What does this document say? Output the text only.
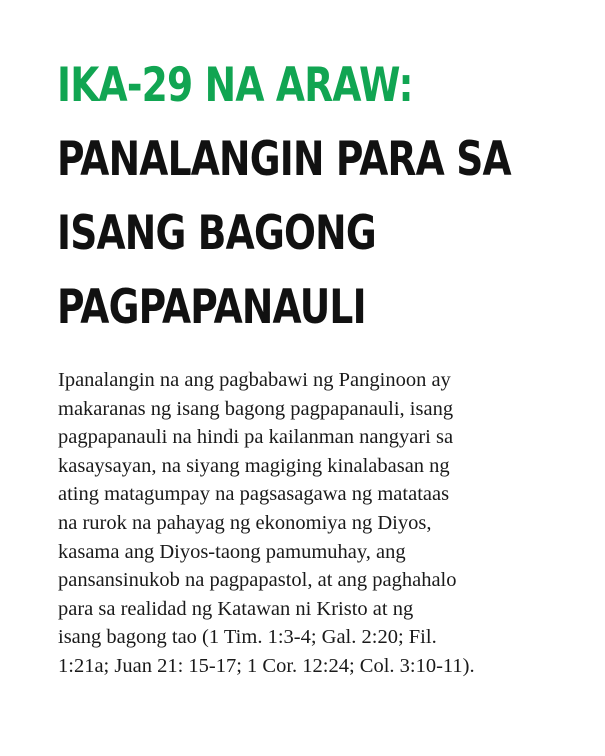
IKA-29 NA ARAW:
PANALANGIN PARA SA
ISANG BAGONG
PAGPAPANAULI

Ipanalangin na ang pagbabawi ng Panginoon ay
makaranas ng isang bagong pagpapanauli, isang
pagpapanauli na hindi pa kailanman nangyari sa
kasaysayan, na siyang magiging kinalabasan ng
ating matagumpay na pagsasagawa ng matataas
na rurok na pahayag ng ekonomiya ng Diyos,
kasama ang Diyos-taong pamumuhay, ang
pansansinukob na pagpapastol, at ang paghahalo
para sa realidad ng Katawan ni Kristo at ng
isang bagong tao (1 Tim. 1:3-4; Gal. 2:20; Fil.
1:21a; Juan 21: 15-17; 1 Cor. 12:24; Col. 3:10-11).
